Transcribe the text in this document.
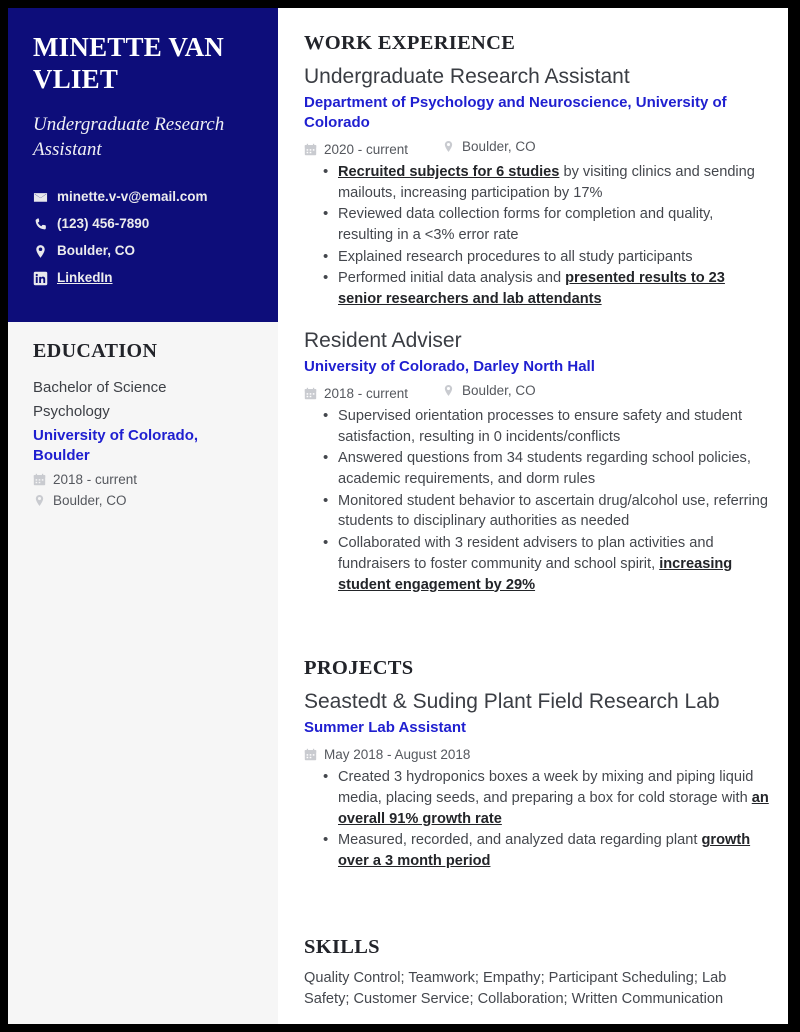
MINETTE VAN VLIET
Undergraduate Research Assistant
minette.v-v@email.com
(123) 456-7890
Boulder, CO
LinkedIn
EDUCATION
Bachelor of Science
Psychology
University of Colorado, Boulder
2018 - current
Boulder, CO
WORK EXPERIENCE
Undergraduate Research Assistant
Department of Psychology and Neuroscience, University of Colorado
2020 - current	Boulder, CO
• Recruited subjects for 6 studies by visiting clinics and sending mailouts, increasing participation by 17%
• Reviewed data collection forms for completion and quality, resulting in a <3% error rate
• Explained research procedures to all study participants
• Performed initial data analysis and presented results to 23 senior researchers and lab attendants
Resident Adviser
University of Colorado, Darley North Hall
2018 - current	Boulder, CO
• Supervised orientation processes to ensure safety and student satisfaction, resulting in 0 incidents/conflicts
• Answered questions from 34 students regarding school policies, academic requirements, and dorm rules
• Monitored student behavior to ascertain drug/alcohol use, referring students to disciplinary authorities as needed
• Collaborated with 3 resident advisers to plan activities and fundraisers to foster community and school spirit, increasing student engagement by 29%
PROJECTS
Seastedt & Suding Plant Field Research Lab
Summer Lab Assistant
May 2018 - August 2018
• Created 3 hydroponics boxes a week by mixing and piping liquid media, placing seeds, and preparing a box for cold storage with an overall 91% growth rate
• Measured, recorded, and analyzed data regarding plant growth over a 3 month period
SKILLS
Quality Control; Teamwork; Empathy; Participant Scheduling; Lab Safety; Customer Service; Collaboration; Written Communication
